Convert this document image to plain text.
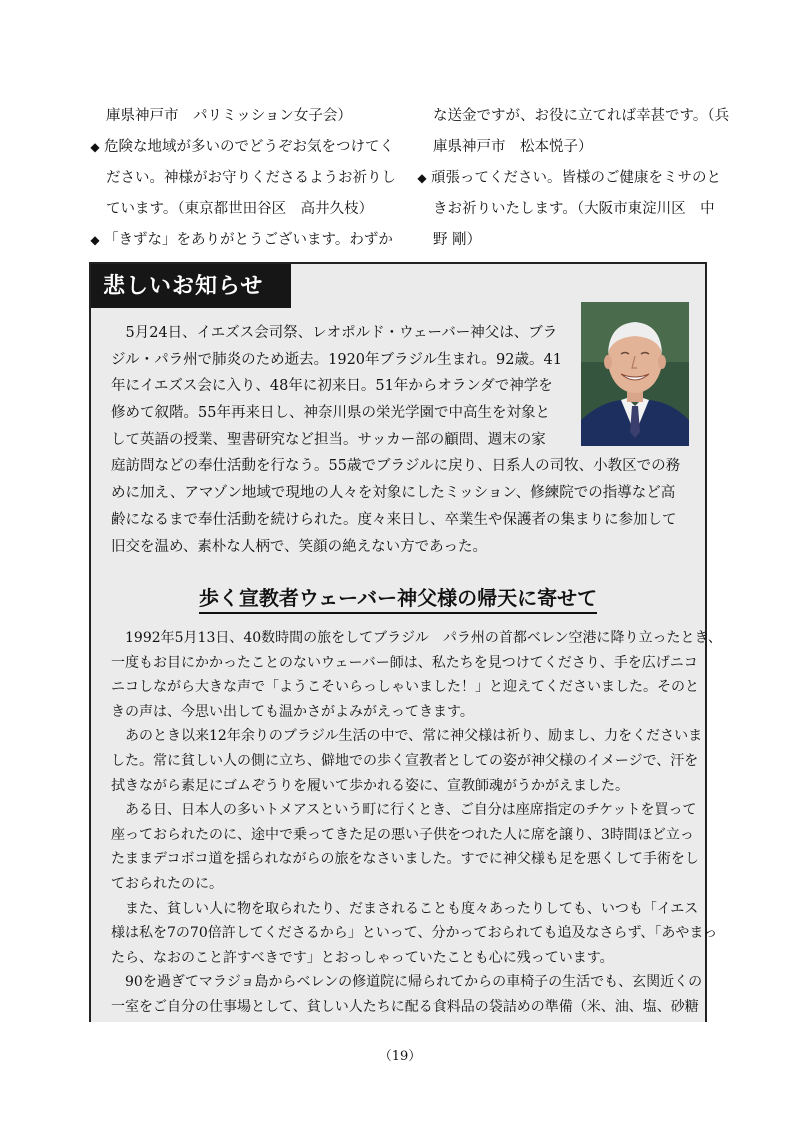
庫県神戸市　パリミッション女子会）
◆ 危険な地域が多いのでどうぞお気をつけてく
ださい。神様がお守りくださるようお祈りし
ています。（東京都世田谷区　高井久枝）
◆ 「きずな」をありがとうございます。わずか
な送金ですが、お役に立てれば幸甚です。（兵
庫県神戸市　松本悦子）
◆ 頑張ってください。皆様のご健康をミサのと
きお祈りいたします。（大阪市東淀川区　中
野 剛）
悲しいお知らせ
　5月24日、イエズス会司祭、レオポルド・ウェーバー神父は、ブラ
ジル・パラ州で肺炎のため逝去。1920年ブラジル生まれ。92歳。41
年にイエズス会に入り、48年に初来日。51年からオランダで神学を
修めて叙階。55年再来日し、神奈川県の栄光学園で中高生を対象と
して英語の授業、聖書研究など担当。サッカー部の顧問、週末の家
庭訪問などの奉仕活動を行なう。55歳でブラジルに戻り、日系人の司牧、小教区での務
めに加え、アマゾン地域で現地の人々を対象にしたミッション、修練院での指導など高
齢になるまで奉仕活動を続けられた。度々来日し、卒業生や保護者の集まりに参加して
旧交を温め、素朴な人柄で、笑顔の絶えない方であった。
歩く宣教者ウェーバー神父様の帰天に寄せて
　1992年5月13日、40数時間の旅をしてブラジル　パラ州の首都ベレン空港に降り立ったとき、
一度もお目にかかったことのないウェーバー師は、私たちを見つけてくださり、手を広げニコ
ニコしながら大きな声で「ようこそいらっしゃいました！」と迎えてくださいました。そのと
きの声は、今思い出しても温かさがよみがえってきます。
　あのとき以来12年余りのブラジル生活の中で、常に神父様は祈り、励まし、力をくださいま
した。常に貧しい人の側に立ち、僻地での歩く宣教者としての姿が神父様のイメージで、汗を
拭きながら素足にゴムぞうりを履いて歩かれる姿に、宣教師魂がうかがえました。
　ある日、日本人の多いトメアスという町に行くとき、ご自分は座席指定のチケットを買って
座っておられたのに、途中で乗ってきた足の悪い子供をつれた人に席を譲り、3時間ほど立っ
たままデコボコ道を揺られながらの旅をなさいました。すでに神父様も足を悪くして手術をし
ておられたのに。
　また、貧しい人に物を取られたり、だまされることも度々あったりしても、いつも「イエス
様は私を7の70倍許してくださるから」といって、分かっておられても追及なさらず、「あやまっ
たら、なおのこと許すべきです」とおっしゃっていたことも心に残っています。
　90を過ぎてマラジョ島からベレンの修道院に帰られてからの車椅子の生活でも、玄関近くの
一室をご自分の仕事場として、貧しい人たちに配る食料品の袋詰めの準備（米、油、塩、砂糖
（19）
